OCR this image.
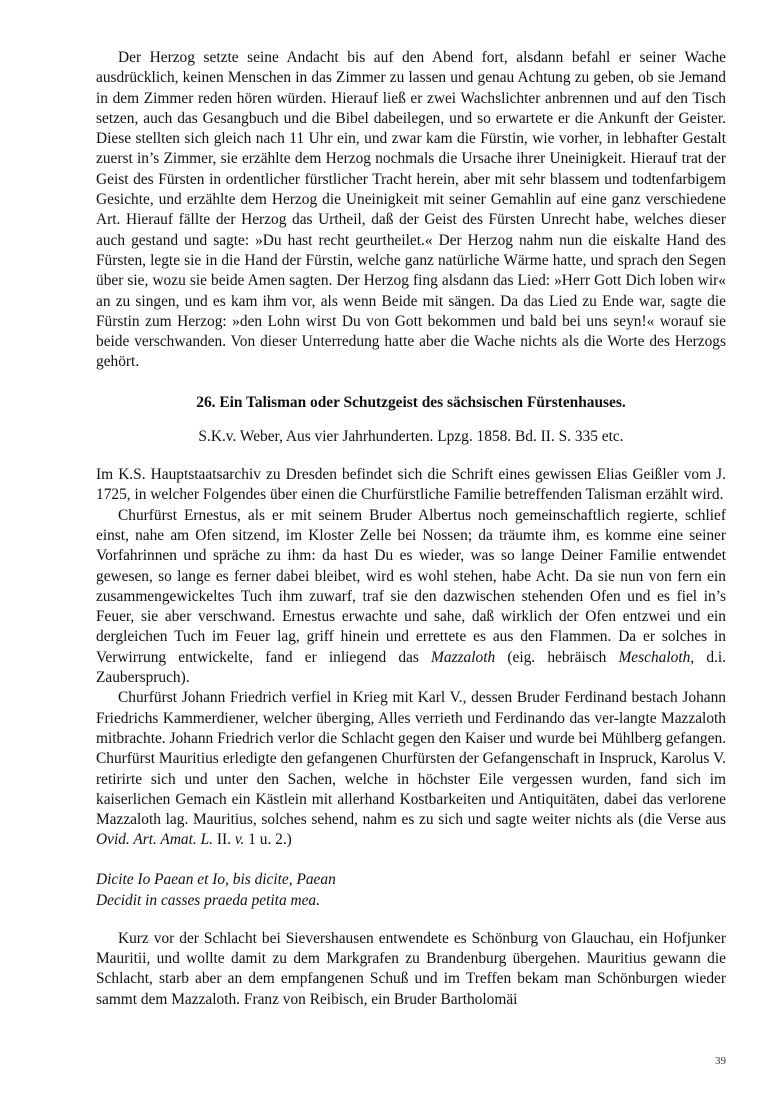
Der Herzog setzte seine Andacht bis auf den Abend fort, alsdann befahl er seiner Wache ausdrücklich, keinen Menschen in das Zimmer zu lassen und genau Achtung zu geben, ob sie Jemand in dem Zimmer reden hören würden. Hierauf ließ er zwei Wachslichter anbrennen und auf den Tisch setzen, auch das Gesangbuch und die Bibel dabeilegen, und so erwartete er die Ankunft der Geister. Diese stellten sich gleich nach 11 Uhr ein, und zwar kam die Fürstin, wie vorher, in lebhafter Gestalt zuerst in’s Zimmer, sie erzählte dem Herzog nochmals die Ursache ihrer Uneinigkeit. Hierauf trat der Geist des Fürsten in ordentlicher fürstlicher Tracht herein, aber mit sehr blassem und todtenfarbigem Gesichte, und erzählte dem Herzog die Uneinigkeit mit seiner Gemahlin auf eine ganz verschiedene Art. Hierauf fällte der Herzog das Urtheil, daß der Geist des Fürsten Unrecht habe, welches dieser auch gestand und sagte: »Du hast recht geurtheilet.« Der Herzog nahm nun die eiskalte Hand des Fürsten, legte sie in die Hand der Fürstin, welche ganz natürliche Wärme hatte, und sprach den Segen über sie, wozu sie beide Amen sagten. Der Herzog fing alsdann das Lied: »Herr Gott Dich loben wir« an zu singen, und es kam ihm vor, als wenn Beide mit sängen. Da das Lied zu Ende war, sagte die Fürstin zum Herzog: »den Lohn wirst Du von Gott bekommen und bald bei uns seyn!« worauf sie beide verschwanden. Von dieser Unterredung hatte aber die Wache nichts als die Worte des Herzogs gehört.

26. Ein Talisman oder Schutzgeist des sächsischen Fürstenhauses.
S.K.v. Weber, Aus vier Jahrhunderten. Lpzg. 1858. Bd. II. S. 335 etc.

Im K.S. Hauptstaatsarchiv zu Dresden befindet sich die Schrift eines gewissen Elias Geißler vom J. 1725, in welcher Folgendes über einen die Churfürstliche Familie betreffenden Talisman erzählt wird.

Churfürst Ernestus, als er mit seinem Bruder Albertus noch gemeinschaftlich regierte, schlief einst, nahe am Ofen sitzend, im Kloster Zelle bei Nossen; da träumte ihm, es komme eine seiner Vorfahrinnen und spräche zu ihm: da hast Du es wieder, was so lange Deiner Familie entwendet gewesen, so lange es ferner dabei bleibet, wird es wohl stehen, habe Acht. Da sie nun von fern ein zusammengewickeltes Tuch ihm zuwarf, traf sie den dazwischen stehenden Ofen und es fiel in’s Feuer, sie aber verschwand. Ernestus erwachte und sahe, daß wirklich der Ofen entzwei und ein dergleichen Tuch im Feuer lag, griff hinein und errettete es aus den Flammen. Da er solches in Verwirrung entwickelte, fand er inliegend das Mazzaloth (eig. hebräisch Meschaloth, d.i. Zauberspruch).

Churfürst Johann Friedrich verfiel in Krieg mit Karl V., dessen Bruder Ferdinand bestach Johann Friedrichs Kammerdiener, welcher überging, Alles verrieth und Ferdinando das ver-langte Mazzaloth mitbrachte. Johann Friedrich verlor die Schlacht gegen den Kaiser und wurde bei Mühlberg gefangen. Churfürst Mauritius erledigte den gefangenen Churfürsten der Gefangenschaft in Inspruck, Karolus V. retirirte sich und unter den Sachen, welche in höchster Eile vergessen wurden, fand sich im kaiserlichen Gemach ein Kästlein mit allerhand Kostbarkeiten und Antiquitäten, dabei das verlorene Mazzaloth lag. Mauritius, solches sehend, nahm es zu sich und sagte weiter nichts als (die Verse aus Ovid. Art. Amat. L. II. v. 1 u. 2.)

Dicite Io Paean et Io, bis dicite, Paean
Decidit in casses praeda petita mea.

Kurz vor der Schlacht bei Sievershausen entwendete es Schönburg von Glauchau, ein Hofjunker Mauritii, und wollte damit zu dem Markgrafen zu Brandenburg übergehen. Mauritius gewann die Schlacht, starb aber an dem empfangenen Schuß und im Treffen bekam man Schönburgen wieder sammt dem Mazzaloth. Franz von Reibisch, ein Bruder Bartholomäi

39
